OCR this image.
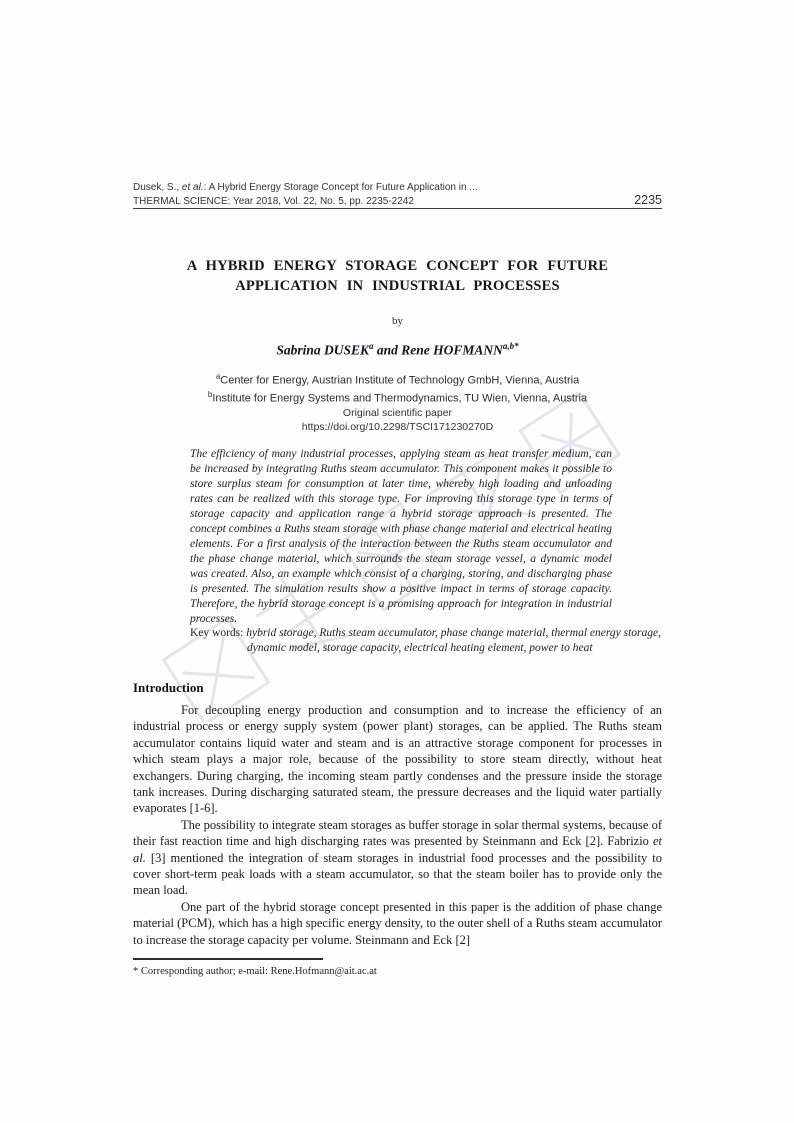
Dusek, S., et al.: A Hybrid Energy Storage Concept for Future Application in ...
THERMAL SCIENCE: Year 2018, Vol. 22, No. 5, pp. 2235-2242	2235
A HYBRID ENERGY STORAGE CONCEPT FOR FUTURE APPLICATION IN INDUSTRIAL PROCESSES
by
Sabrina DUSEK$^a$ and Rene $HOFMANN^{a,b*}$
$^a$Center for Energy, Austrian Institute of Technology GmbH, Vienna, Austria
$^b$Institute for Energy Systems and Thermodynamics, TU Wien, Vienna, Austria
Original scientific paper
https://doi.org/10.2298/TSCI171230270D
The efficiency of many industrial processes, applying steam as heat transfer medium, can be increased by integrating Ruths steam accumulator. This component makes it possible to store surplus steam for consumption at later time, whereby high loading and unloading rates can be realized with this storage type. For improving this storage type in terms of storage capacity and application range a hybrid storage approach is presented. The concept combines a Ruths steam storage with phase change material and electrical heating elements. For a first analysis of the interaction between the Ruths steam accumulator and the phase change material, which surrounds the steam storage vessel, a dynamic model was created. Also, an example which consist of a charging, storing, and discharging phase is presented. The simulation results show a positive impact in terms of storage capacity. Therefore, the hybrid storage concept is a promising approach for integration in industrial processes.
Key words: hybrid storage, Ruths steam accumulator, phase change material, thermal energy storage, dynamic model, storage capacity, electrical heating element, power to heat
Introduction

For decoupling energy production and consumption and to increase the efficiency of an industrial process or energy supply system (power plant) storages, can be applied. The Ruths steam accumulator contains liquid water and steam and is an attractive storage component for processes in which steam plays a major role, because of the possibility to store steam directly, without heat exchangers. During charging, the incoming steam partly condenses and the pressure inside the storage tank increases. During discharging saturated steam, the pressure decreases and the liquid water partially evaporates [1-6].

The possibility to integrate steam storages as buffer storage in solar thermal systems, because of their fast reaction time and high discharging rates was presented by Steinmann and Eck [2]. Fabrizio et al. [3] mentioned the integration of steam storages in industrial food processes and the possibility to cover short-term peak loads with a steam accumulator, so that the steam boiler has to provide only the mean load.

One part of the hybrid storage concept presented in this paper is the addition of phase change material (PCM), which has a high specific energy density, to the outer shell of a Ruths steam accumulator to increase the storage capacity per volume. Steinmann and Eck [2]

* Corresponding author; e-mail: Rene.Hofmann@ait.ac.at
